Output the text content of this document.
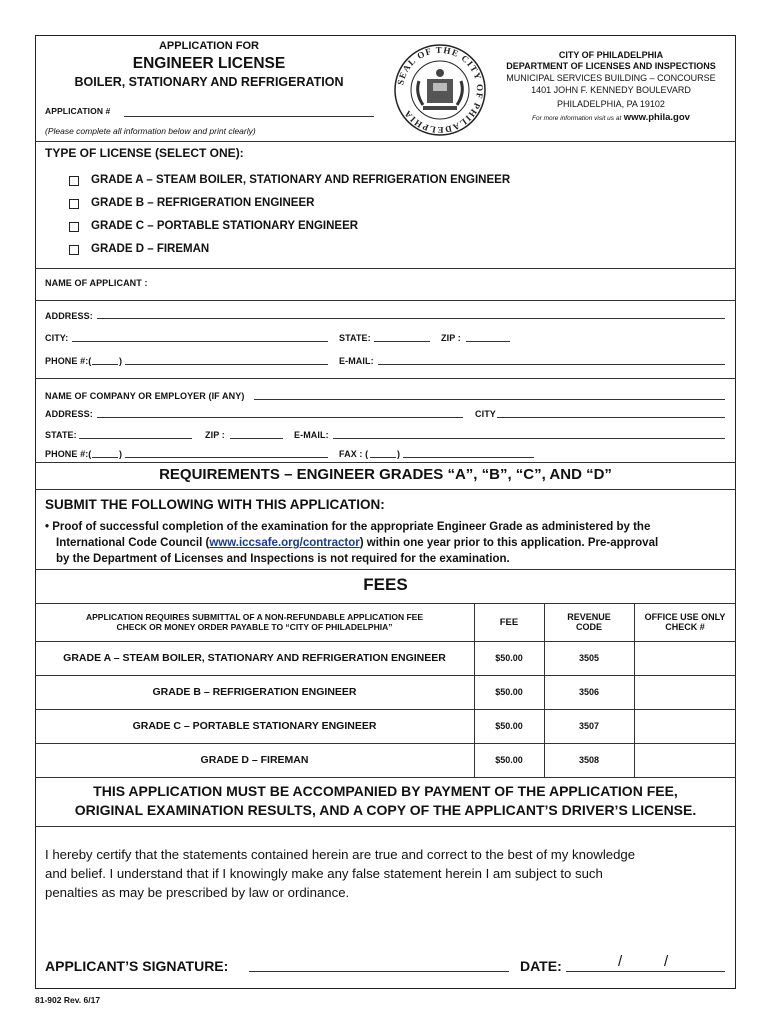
APPLICATION FOR
ENGINEER LICENSE
BOILER, STATIONARY AND REFRIGERATION
APPLICATION #
(Please complete all information below and print clearly)
SEAL OF THE CITY OF PHILADELPHIA
CITY OF PHILADELPHIA
DEPARTMENT OF LICENSES AND INSPECTIONS
MUNICIPAL SERVICES BUILDING – CONCOURSE
1401 JOHN F. KENNEDY BOULEVARD
PHILADELPHIA, PA 19102
For more information visit us at www.phila.gov
TYPE OF LICENSE (SELECT ONE):
GRADE A – STEAM BOILER, STATIONARY AND REFRIGERATION ENGINEER
GRADE B – REFRIGERATION ENGINEER
GRADE C – PORTABLE STATIONARY ENGINEER
GRADE D – FIREMAN
NAME OF APPLICANT :
ADDRESS:
CITY:	STATE:	ZIP :
PHONE #:(	)	E-MAIL:
NAME OF COMPANY OR EMPLOYER (IF ANY)
ADDRESS:	CITY
STATE:	ZIP :	E-MAIL:
PHONE #:(	)	FAX : (	)
REQUIREMENTS – ENGINEER GRADES “A”, “B”, “C”, AND “D”
SUBMIT THE FOLLOWING WITH THIS APPLICATION:
• Proof of successful completion of the examination for the appropriate Engineer Grade as administered by the
International Code Council (www.iccsafe.org/contractor) within one year prior to this application. Pre-approval
by the Department of Licenses and Inspections is not required for the examination.
FEES
APPLICATION REQUIRES SUBMITTAL OF A NON-REFUNDABLE APPLICATION FEE
CHECK OR MONEY ORDER PAYABLE TO “CITY OF PHILADELPHIA”	FEE	REVENUE
CODE
OFFICE USE ONLY
CHECK #
GRADE A – STEAM BOILER, STATIONARY AND REFRIGERATION ENGINEER	$50.00	3505
GRADE B – REFRIGERATION ENGINEER	$50.00	3506
GRADE C – PORTABLE STATIONARY ENGINEER	$50.00	3507
GRADE D – FIREMAN	$50.00	3508
THIS APPLICATION MUST BE ACCOMPANIED BY PAYMENT OF THE APPLICATION FEE,
ORIGINAL EXAMINATION RESULTS, AND A COPY OF THE APPLICANT’S DRIVER’S LICENSE.
I hereby certify that the statements contained herein are true and correct to the best of my knowledge
and belief. I understand that if I knowingly make any false statement herein I am subject to such
penalties as may be prescribed by law or ordinance.
APPLICANT’S SIGNATURE:	DATE:	/	/
81-902 Rev. 6/17
